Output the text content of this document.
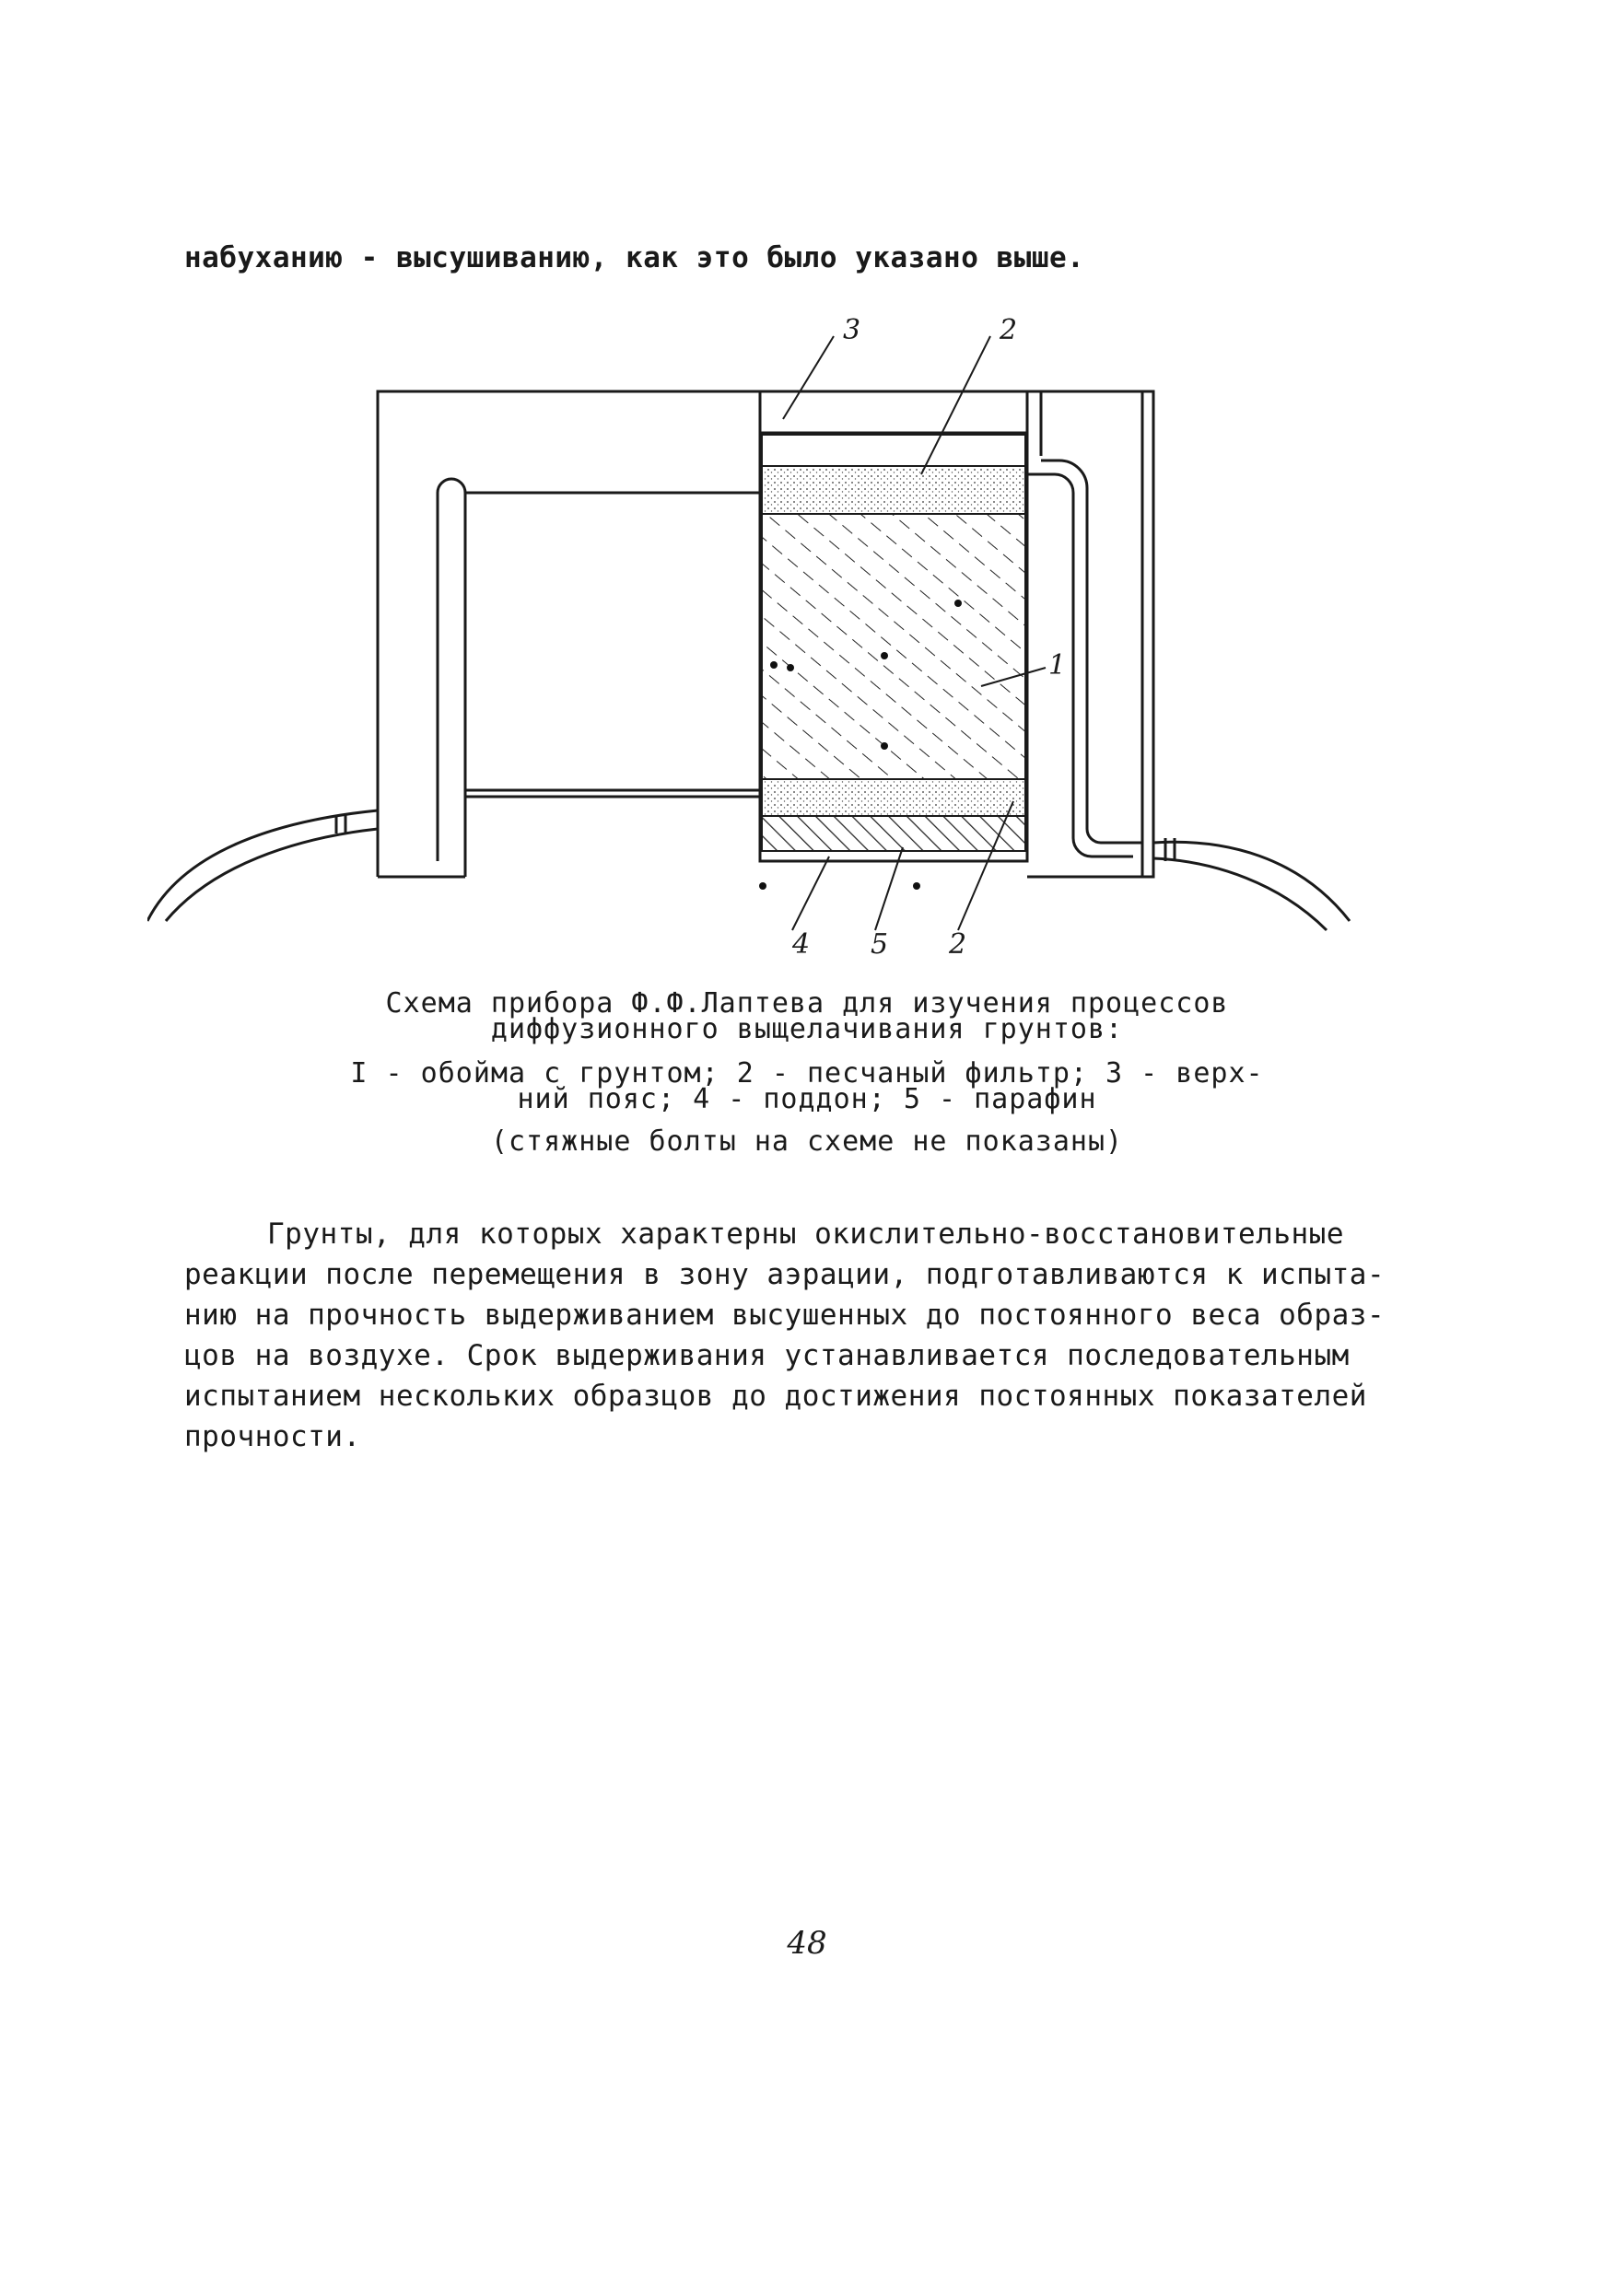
набуханию - высушиванию, как это было указано выше.
3	2
1
4 5 2
Схема прибора Ф.Ф.Лаптева для изучения процессов
диффузионного выщелачивания грунтов:
I - обойма с грунтом; 2 - песчаный фильтр; 3 - верх-
ний пояс; 4 - поддон; 5 - парафин
(стяжные болты на схеме не показаны)
Грунты, для которых характерны окислительно-восстановительные
реакции после перемещения в зону аэрации, подготавливаются к испыта-
нию на прочность выдерживанием высушенных до постоянного веса образ-
цов на воздухе. Срок выдерживания устанавливается последовательным
испытанием нескольких образцов до достижения постоянных показателей
прочности.
48
